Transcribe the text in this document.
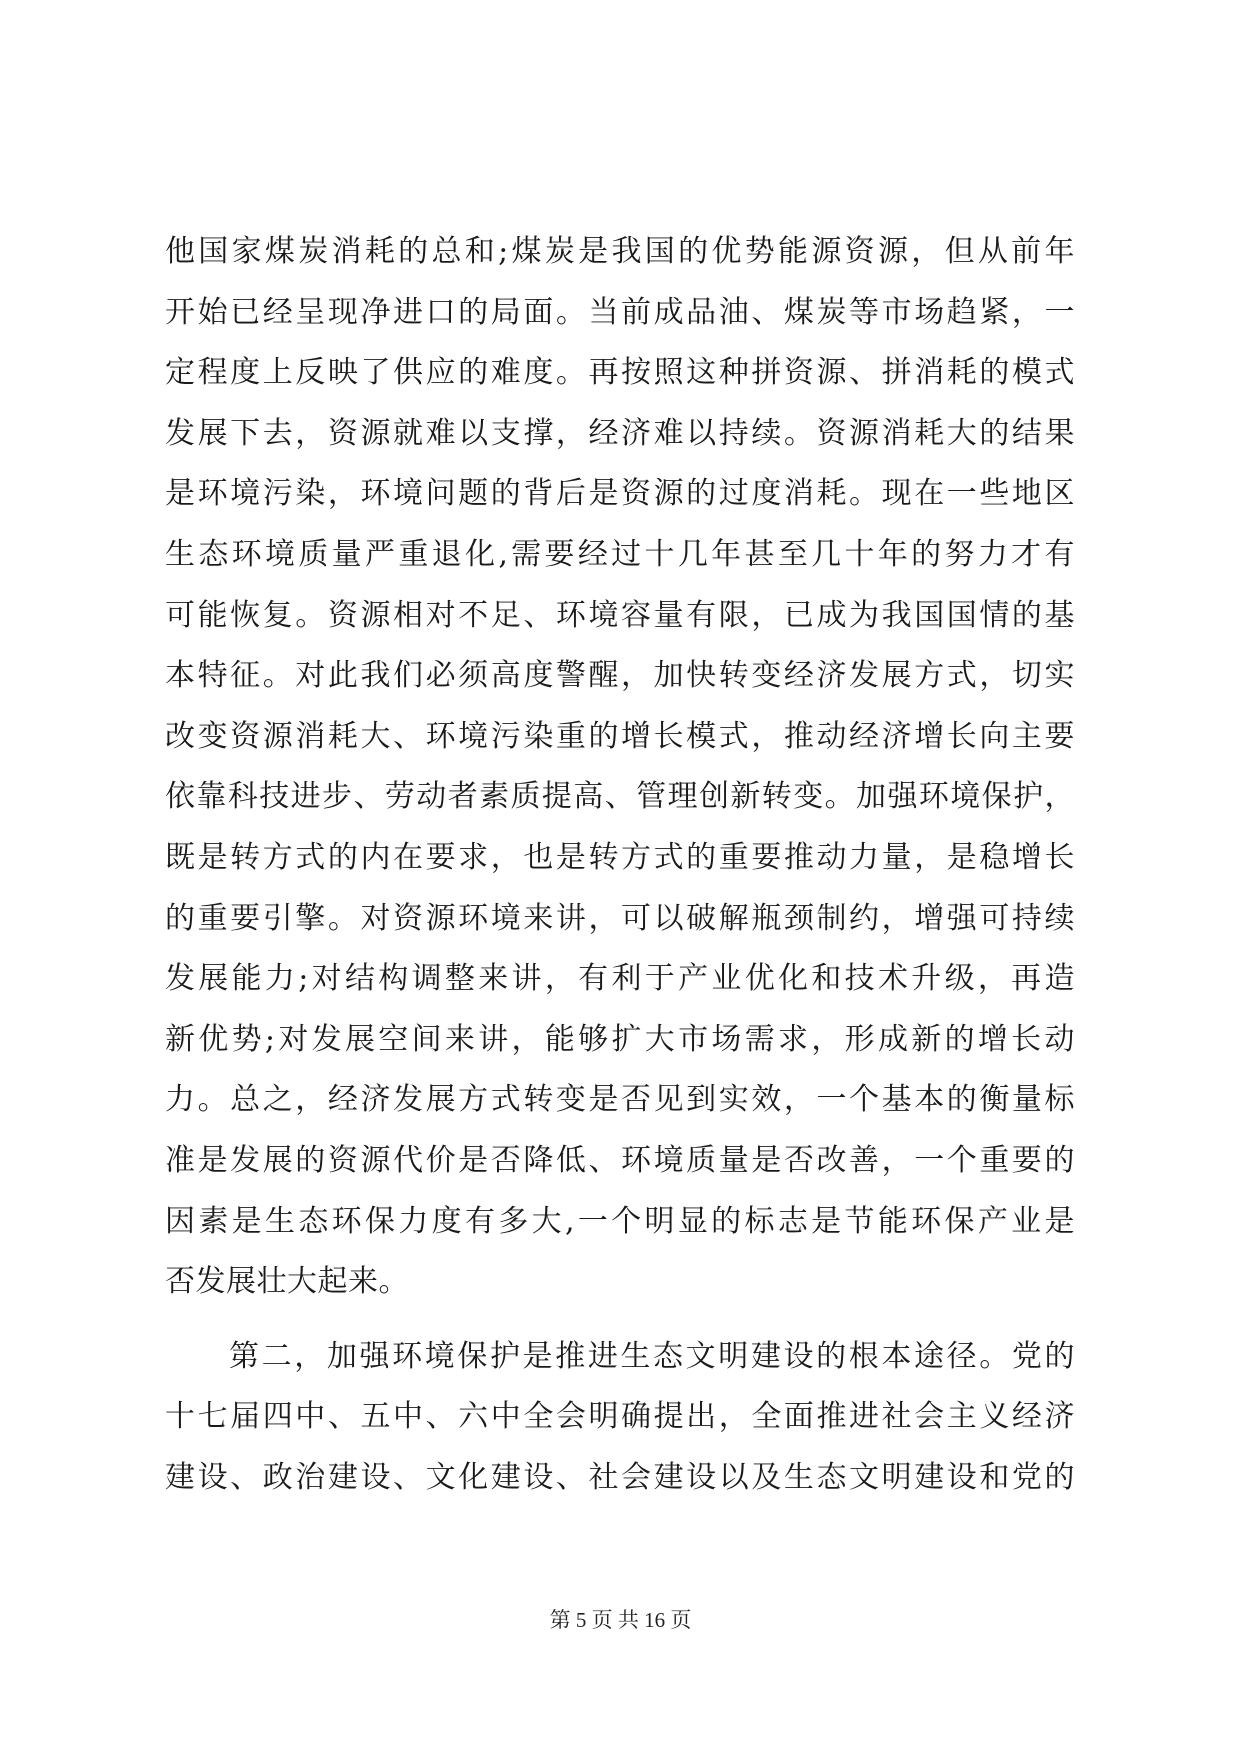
他国家煤炭消耗的总和;煤炭是我国的优势能源资源，但从前年
开始已经呈现净进口的局面。当前成品油、煤炭等市场趋紧，一
定程度上反映了供应的难度。再按照这种拼资源、拼消耗的模式
发展下去，资源就难以支撑，经济难以持续。资源消耗大的结果
是环境污染，环境问题的背后是资源的过度消耗。现在一些地区
生态环境质量严重退化,需要经过十几年甚至几十年的努力才有
可能恢复。资源相对不足、环境容量有限，已成为我国国情的基
本特征。对此我们必须高度警醒，加快转变经济发展方式，切实
改变资源消耗大、环境污染重的增长模式，推动经济增长向主要
依靠科技进步、劳动者素质提高、管理创新转变。加强环境保护，
既是转方式的内在要求，也是转方式的重要推动力量，是稳增长
的重要引擎。对资源环境来讲，可以破解瓶颈制约，增强可持续
发展能力;对结构调整来讲，有利于产业优化和技术升级，再造
新优势;对发展空间来讲，能够扩大市场需求，形成新的增长动
力。总之，经济发展方式转变是否见到实效，一个基本的衡量标
准是发展的资源代价是否降低、环境质量是否改善，一个重要的
因素是生态环保力度有多大,一个明显的标志是节能环保产业是
否发展壮大起来。
第二，加强环境保护是推进生态文明建设的根本途径。党的
十七届四中、五中、六中全会明确提出，全面推进社会主义经济
建设、政治建设、文化建设、社会建设以及生态文明建设和党的
第 5 页 共 16 页
